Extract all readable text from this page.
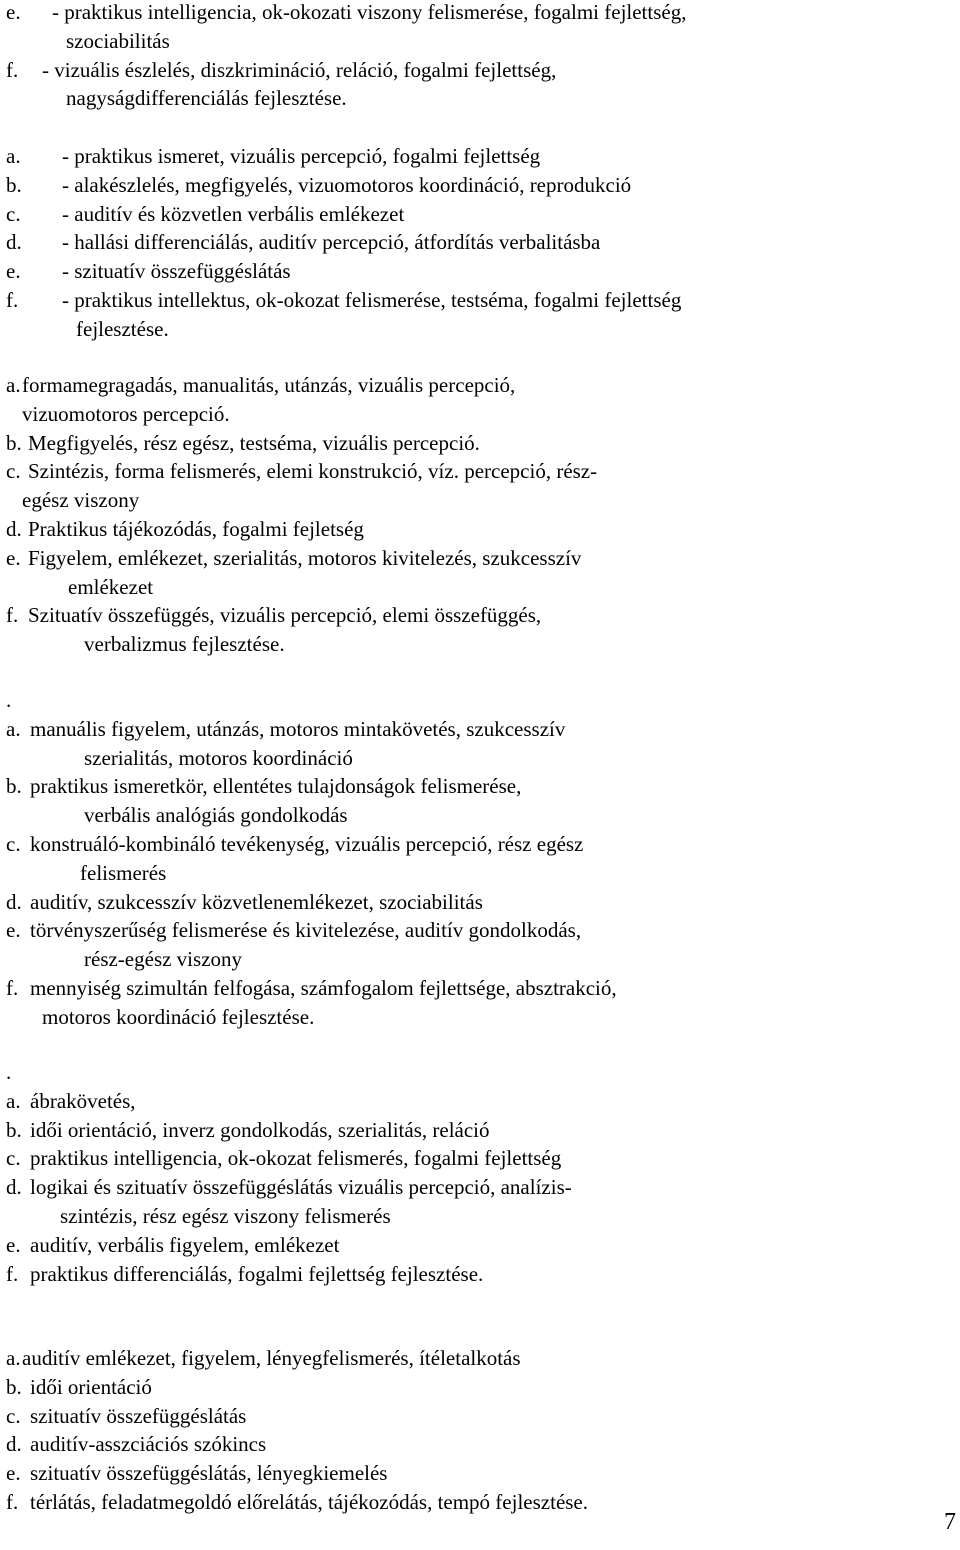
e. - praktikus intelligencia, ok-okozati viszony felismerése, fogalmi fejlettség,
szociabilitás
f. - vizuális észlelés, diszkrimináció, reláció, fogalmi fejlettség,
nagyságdifferenciálás fejlesztése.
a. - praktikus ismeret, vizuális percepció, fogalmi fejlettség
b. - alakészlelés, megfigyelés, vizuomotoros koordináció, reprodukció
c. - auditív és közvetlen verbális emlékezet
d. - hallási differenciálás, auditív percepció, átfordítás verbalitásba
e. - szituatív összefüggéslátás
f. - praktikus intellektus, ok-okozat felismerése, testséma, fogalmi fejlettség
fejlesztése.
a. formamegragadás, manualitás, utánzás, vizuális percepció,
vizuomotoros percepció.
b. Megfigyelés, rész egész, testséma, vizuális percepció.
c. Szintézis, forma felismerés, elemi konstrukció, víz. percepció, rész-
egész viszony
d. Praktikus tájékozódás, fogalmi fejletség
e. Figyelem, emlékezet, szerialitás, motoros kivitelezés, szukcesszív
emlékezet
f. Szituatív összefüggés, vizuális percepció, elemi összefüggés,
verbalizmus fejlesztése.
.
a. manuális figyelem, utánzás, motoros mintakövetés, szukcesszív
szerialitás, motoros koordináció
b. praktikus ismeretkör, ellentétes tulajdonságok felismerése,
verbális analógiás gondolkodás
c. konstruáló-kombináló tevékenység, vizuális percepció, rész egész
felismerés
d. auditív, szukcesszív közvetlenemlékezet, szociabilitás
e. törvényszerűség felismerése és kivitelezése, auditív gondolkodás,
rész-egész viszony
f. mennyiség szimultán felfogása, számfogalom fejlettsége, absztrakció,
motoros koordináció fejlesztése.
.
a. ábrakövetés,
b. idői orientáció, inverz gondolkodás, szerialitás, reláció
c. praktikus intelligencia, ok-okozat felismerés, fogalmi fejlettség
d. logikai és szituatív összefüggéslátás vizuális percepció, analízis-
szintézis, rész egész viszony felismerés
e. auditív, verbális figyelem, emlékezet
f. praktikus differenciálás, fogalmi fejlettség fejlesztése.
a. auditív emlékezet, figyelem, lényegfelismerés, ítéletalkotás
b. idői orientáció
c. szituatív összefüggéslátás
d. auditív-asszciációs szókincs
e. szituatív összefüggéslátás, lényegkiemelés
f. térlátás, feladatmegoldó előrelátás, tájékozódás, tempó fejlesztése.
7
